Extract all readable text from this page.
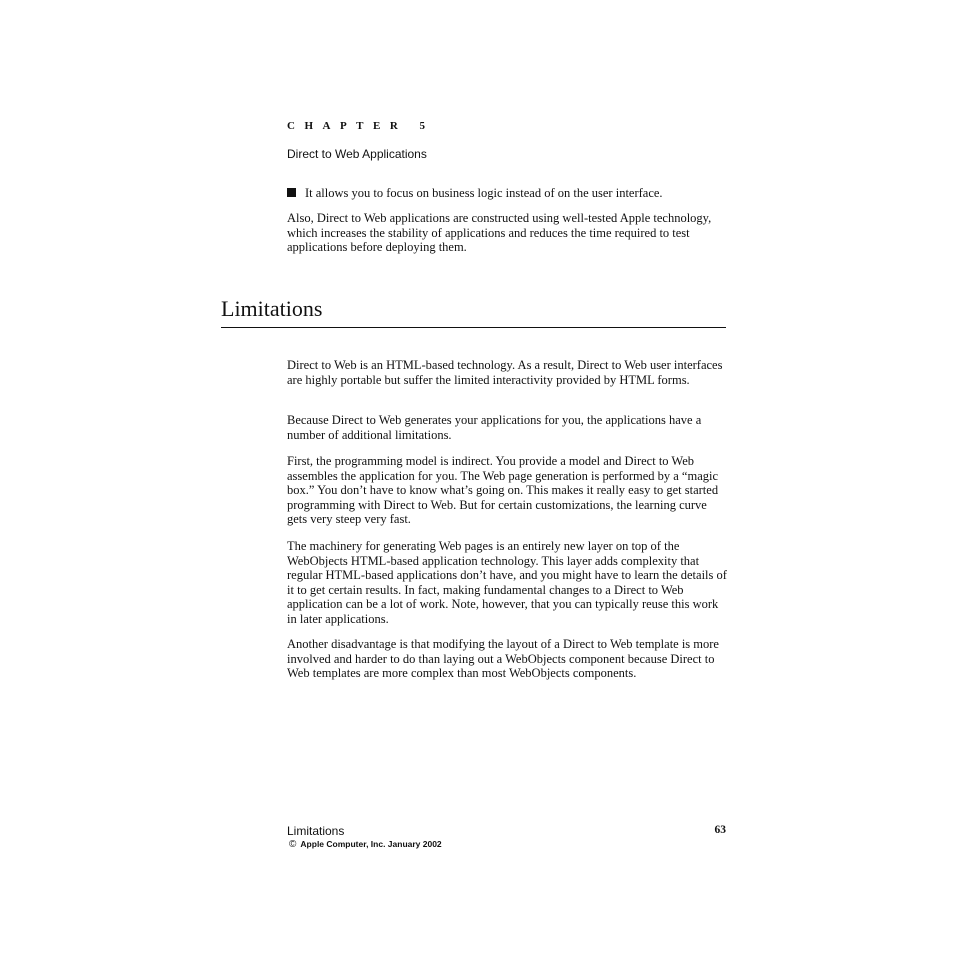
CHAPTER 5
Direct to Web Applications
It allows you to focus on business logic instead of on the user interface.

Also, Direct to Web applications are constructed using well-tested Apple technology, which increases the stability of applications and reduces the time required to test applications before deploying them.

Limitations

Direct to Web is an HTML-based technology. As a result, Direct to Web user interfaces are highly portable but suffer the limited interactivity provided by HTML forms.

Because Direct to Web generates your applications for you, the applications have a number of additional limitations.

First, the programming model is indirect. You provide a model and Direct to Web assembles the application for you. The Web page generation is performed by a “magic box.” You don’t have to know what’s going on. This makes it really easy to get started programming with Direct to Web. But for certain customizations, the learning curve gets very steep very fast.

The machinery for generating Web pages is an entirely new layer on top of the WebObjects HTML-based application technology. This layer adds complexity that regular HTML-based applications don’t have, and you might have to learn the details of it to get certain results. In fact, making fundamental changes to a Direct to Web application can be a lot of work. Note, however, that you can typically reuse this work in later applications.

Another disadvantage is that modifying the layout of a Direct to Web template is more involved and harder to do than laying out a WebObjects component because Direct to Web templates are more complex than most WebObjects components.

Limitations	63
© Apple Computer, Inc. January 2002
